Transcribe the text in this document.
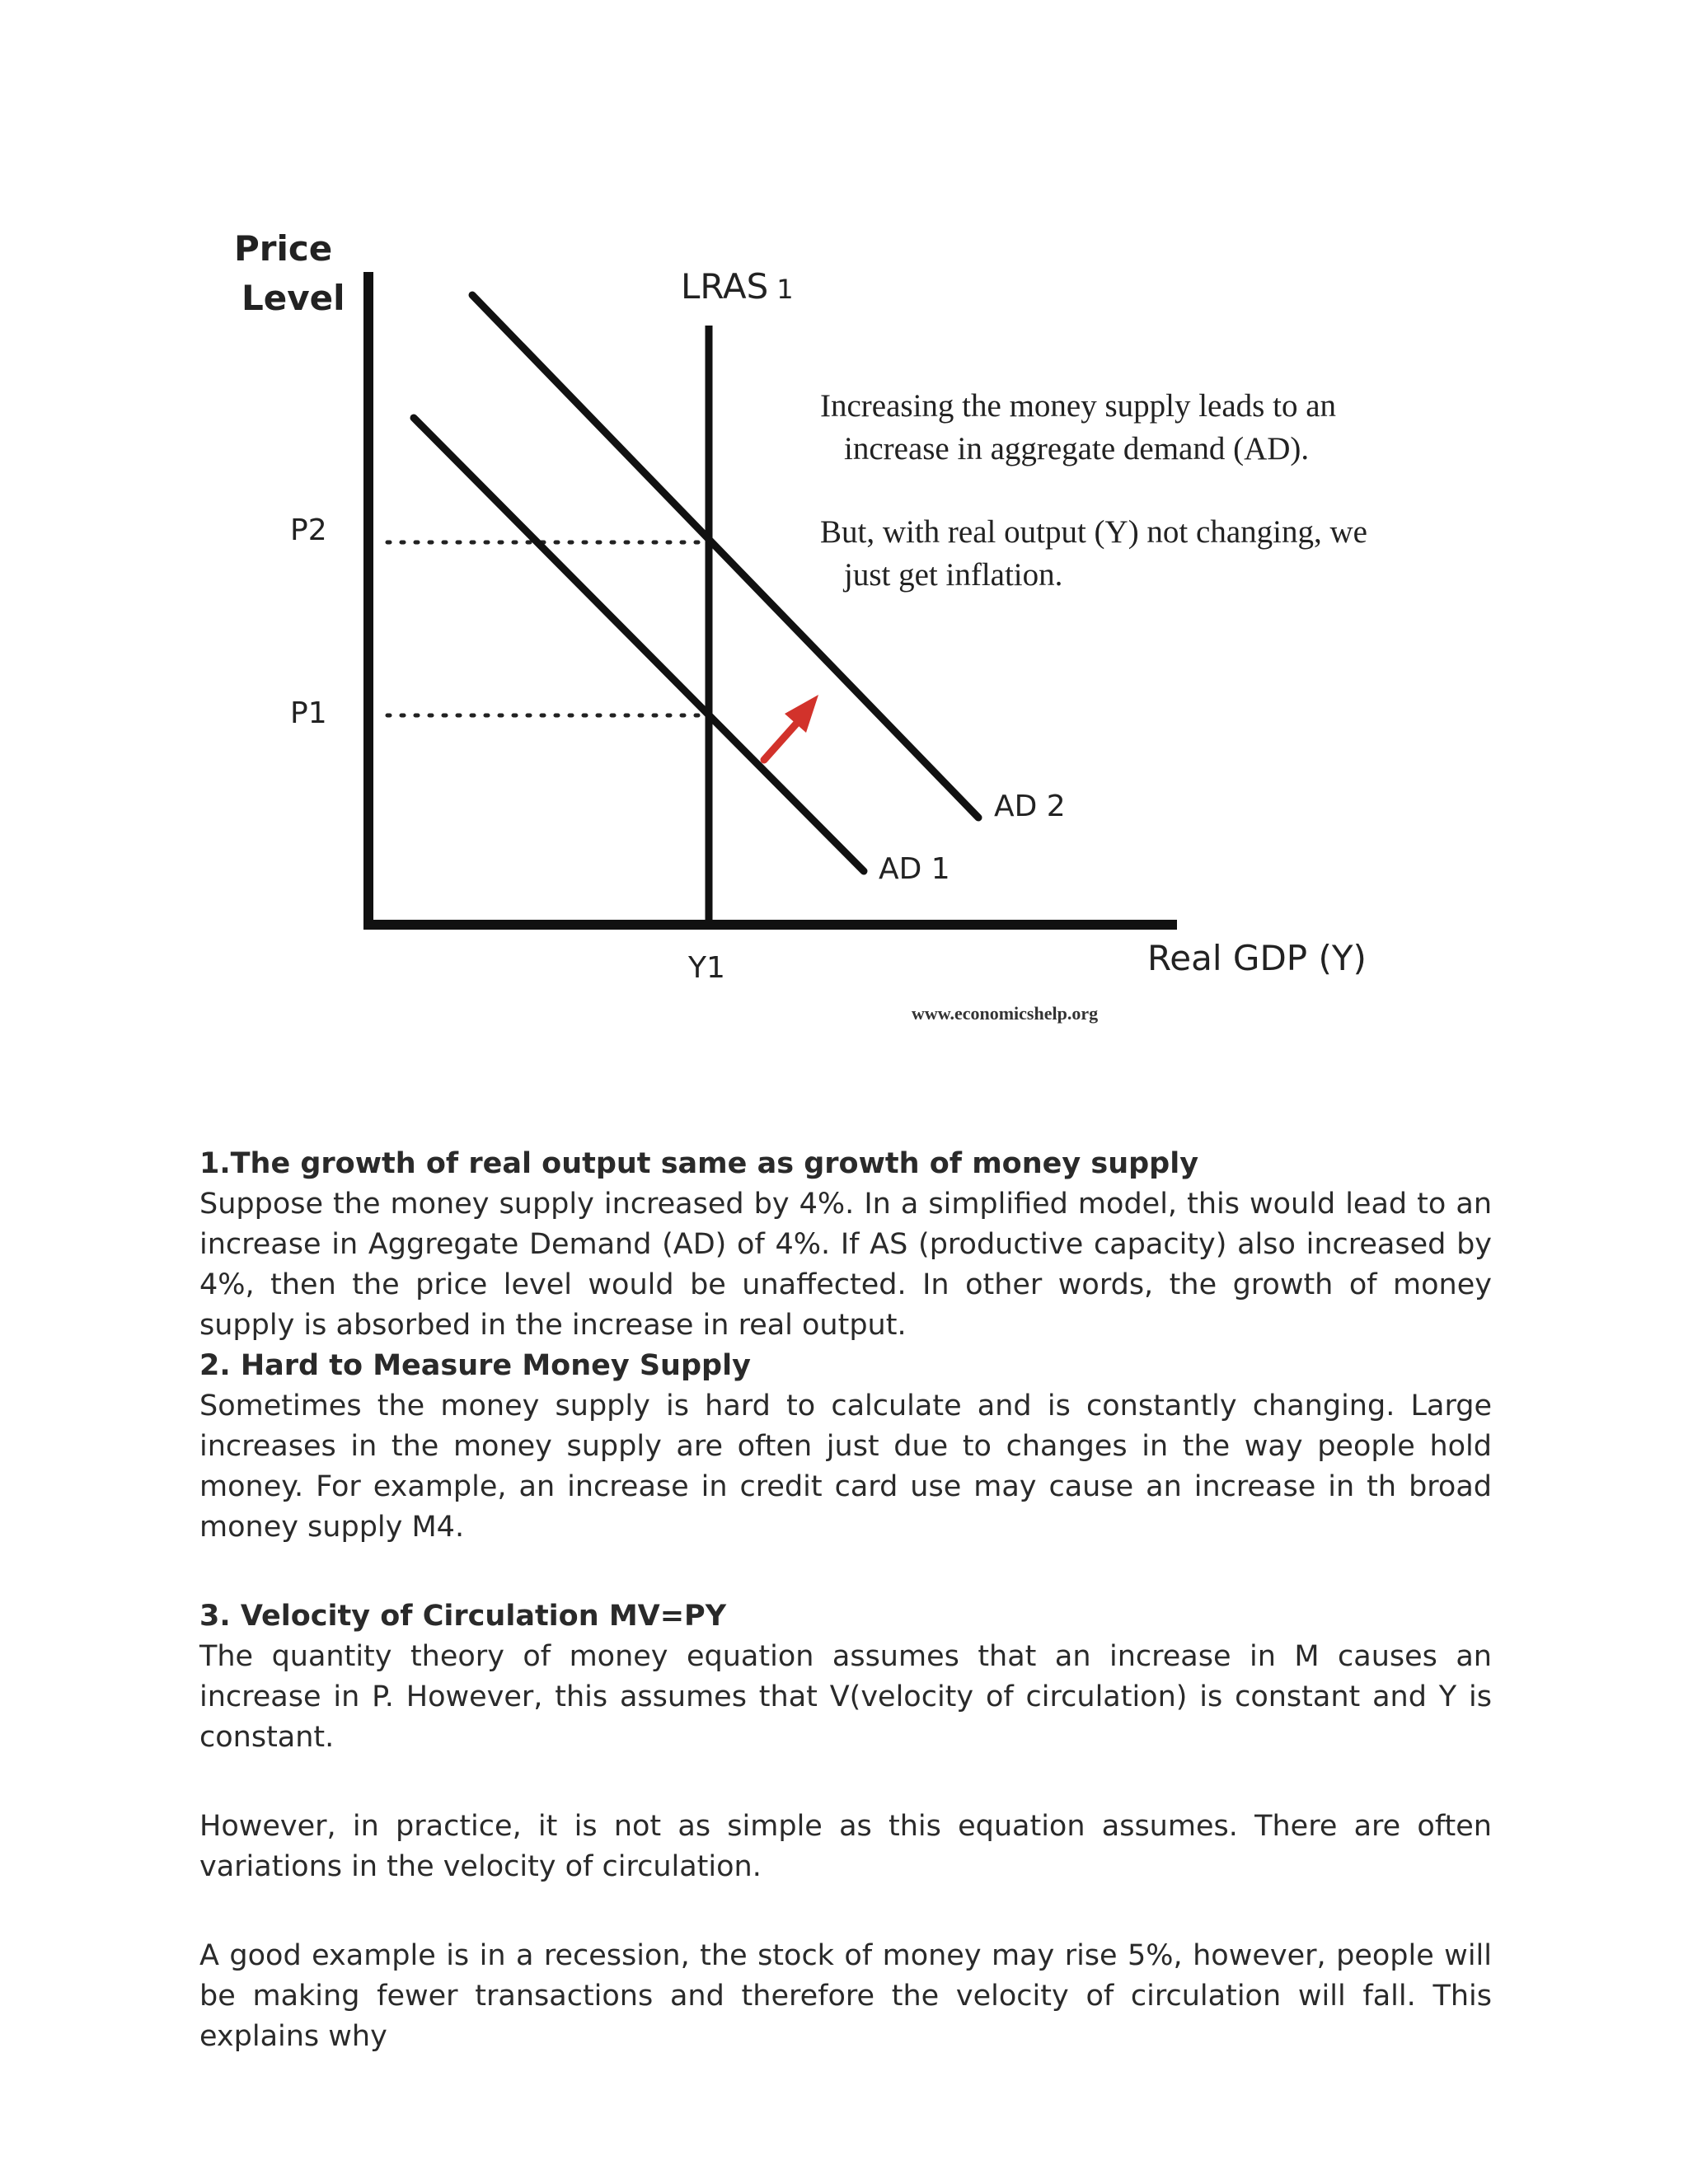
Price
Level	LRAS 1
P2
P1
Y1	Real GDP (Y)
AD 2
AD 1
Increasing the money supply leads to an
increase in aggregate demand (AD).
But, with real output (Y) not changing, we
just get inflation.
www.economicshelp.org
1.The growth of real output same as growth of money supply

Suppose the money supply increased by 4%. In a simplified model, this would lead to an increase in Aggregate Demand (AD) of 4%. If AS (productive capacity) also increased by 4%, then the price level would be unaffected. In other words, the growth of money supply is absorbed in the increase in real output.

2. Hard to Measure Money Supply

Sometimes the money supply is hard to calculate and is constantly changing. Large increases in the money supply are often just due to changes in the way people hold money. For example, an increase in credit card use may cause an increase in th broad money supply M4.

3. Velocity of Circulation MV=PY

The quantity theory of money equation assumes that an increase in M causes an increase in P. However, this assumes that V(velocity of circulation) is constant and Y is constant.

However, in practice, it is not as simple as this equation assumes. There are often variations in the velocity of circulation.

A good example is in a recession, the stock of money may rise 5%, however, people will be making fewer transactions and therefore the velocity of circulation will fall. This explains why
